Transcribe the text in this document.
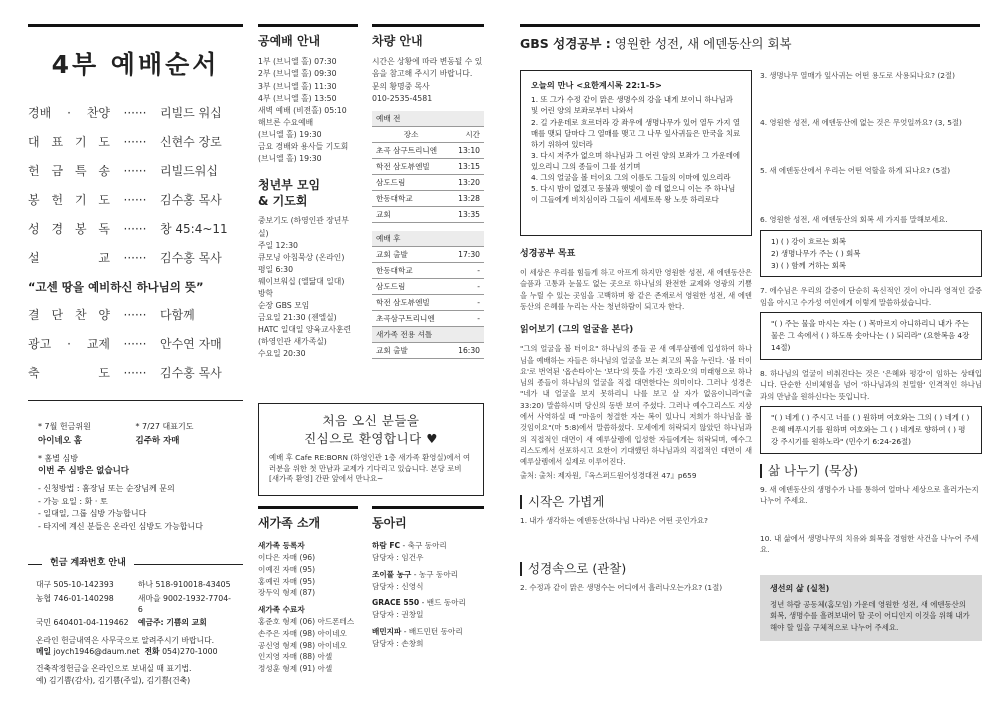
4부 예배순서
경배 · 찬양	······	리빌드 워십
대 표 기 도	······	신현수 장로
헌 금 특 송	······	리빌드워십
봉 헌 기 도	······	김수홍 목사
성 경 봉 독	······	창 45:4~11
설 교	······	김수홍 목사
“고센 땅을 예비하신 하나님의 뜻”
결 단 찬 양	······	다함께
광고 · 교제	······	안수연 자매
축 도	······	김수홍 목사
* 7월 헌금위원	* 7/27 대표기도
아이네오 홈	김주하 자매
* 홈별 심방
이번 주 심방은 없습니다
- 신청방법 : 홈장님 또는 순장님께 문의
- 가능 요일 : 화 · 토
- 일대일, 그룹 심방 가능합니다
- 타지에 계신 분들은 온라인 심방도 가능합니다
헌금 계좌번호 안내
대구 505-10-142393	하나 518-910018-43405
농협 746-01-140298	새마을 9002-1932-7704-6
국민 640401-04-119462	예금주: 기쁨의 교회
온라인 헌금내역은 사무국으로 알려주시기 바랍니다.
메일 joych1946@daum.net 전화 054)270-1000
건축작정헌금을 온라인으로 보내실 때 표기법.
예) 김기쁨(감사), 김기쁨(주일), 김기쁨(건축)
공예배 안내
1부 (브니엘 홀) 07:30
2부 (브니엘 홀) 09:30
3부 (브니엘 홀) 11:30
4부 (브니엘 홀) 13:50
새벽 예배 (비전홀) 05:10
해브론 수요예배
(브니엘 홀) 19:30
금요 경배와 용사들 기도회
(브니엘 홀) 19:30
청년부 모임
& 기도회
중보기도 (하영인관 장년부실)
주일 12:30
큐모닝 아침묵상 (온라인)
평일 6:30
웨이브워십 (엘닮대 일대)
방학
순장 GBS 모임
금요일 21:30 (젠엘실)
HATC 일대일 양육교사훈련
(하영인관 새가족실)
수요일 20:30
차량 안내
시간은 상황에 따라 변동될 수 있음을 참고해 주시기 바랍니다.
문의 황명중 목사
010-2535-4581
예배 전	
장소	시간
초곡 삼구트리니엔	13:10
학전 삼도뷰엔빌	13:15
삼도드림	13:20
한동대학교	13:28
교회	13:35
예배 후	
교회 출발	17:30
한동대학교	-
삼도드림	-
학전 삼도뷰엔빌	-
초곡삼구트리니엔	-
새가족 전용 셔틀	
교회 출발	16:30
처음 오신 분들을
진심으로 환영합니다 ♥
예배 후 Cafe RE:BORN (하영인관 1층 새가족 환영실)에서 여러분을 위한 첫 만남과 교제가 기다리고 있습니다. 본당 로비 [새가족 환영] 간판 앞에서 만나요~
새가족 소개
새가족 등록자
이다은 자매 (96)
이예진 자매 (95)
홍예린 자매 (95)
장두익 형제 (87)
새가족 수료자
홍준호 형제 (06) 아드폰테스
손주은 자매 (98) 아이네오
공신영 형제 (98) 아이네오
인지영 자매 (88) 아셀
정성훈 형제 (91) 아셀
동아리
하람 FC - 축구 동아리
담당자 : 임건우
조이풀 농구 - 농구 동아리
담당자 : 신영식
GRACE 550 - 밴드 동아리
담당자 : 권창일
배민지파 - 배드민턴 동아리
담당자 : 손창희
GBS 성경공부 : 영원한 성전, 새 에덴동산의 회복
오늘의 만나 <요한계시록 22:1-5>
1. 또 그가 수정 같이 맑은 생명수의 강을 내게 보이니 하나님과 및 어린 양의 보좌로부터 나와서
2. 길 가운데로 흐르더라 강 좌우에 생명나무가 있어 열두 가지 열매를 맺되 달마다 그 열매를 맺고 그 나무 잎사귀들은 만국을 치료하기 위하여 있더라
3. 다시 저주가 없으며 하나님과 그 어린 양의 보좌가 그 가운데에 있으리니 그의 종들이 그를 섬기며
4. 그의 얼굴을 볼 터이요 그의 이름도 그들의 이마에 있으리라
5. 다시 밤이 없겠고 등불과 햇빛이 쓸 데 없으니 이는 주 하나님이 그들에게 비치심이라 그들이 세세토록 왕 노릇 하리로다
성경공부 목표
이 세상은 우리를 힘들게 하고 아프게 하지만 영원한 성전, 새 에덴동산은 슬픔과 고통과 눈물도 없는 곳으로 하나님의 완전한 교제와 영광의 기쁨을 누릴 수 있는 곳임을 고백하며 왕 같은 존재로서 영원한 성전, 새 에덴동산의 은혜를 누리는 사는 청년하람이 되고자 한다.
읽어보기 (그의 얼굴을 본다)
"그의 얼굴을 볼 터이요" 하나님의 종들 곧 새 예루살렘에 입성하여 하나님을 예배하는 자들은 하나님의 얼굴을 보는 최고의 복을 누린다. '볼 터이요'로 번역된 '옵손타이'는 '보다'의 뜻을 가진 '호라오'의 미래형으로 하나님의 종들이 하나님의 얼굴을 직접 대면한다는 의미이다. 그러나 성경은 "네가 내 얼굴을 보지 못하리니 나를 보고 살 자가 없음이니라"(출 33:20) 말씀하시며 당신의 동반 보여 주셨다. 그러나 예수그리스도 지상에서 사역하실 때 "마음이 청결한 자는 복이 있나니 저희가 하나님을 볼 것임이요"(마 5:8)에서 말씀하셨다. 모세에게 허락되지 않았던 하나님과의 직접적인 대면이 새 예루살렘에 입성한 자들에게는 허락되며, 예수그리스도께서 선포하시고 요한이 기대했던 하나님과의 직접적인 대면이 새 예루살렘에서 실제로 이루어진다.
출처: 출처: 제자원,『옥스퍼드원어성경대전 47』p659
시작은 가볍게
1. 내가 생각하는 에덴동산(하나님 나라)은 어떤 곳인가요?
성경속으로 (관찰)
2. 수정과 같이 맑은 생명수는 어디에서 흘러나오는가요? (1절)
3. 생명나무 열매가 잎사귀는 어떤 용도로 사용되나요? (2절)
4. 영원한 성전, 새 에덴동산에 없는 것은 무엇일까요? (3, 5절)
5. 새 에덴동산에서 우리는 어떤 역할을 하게 되나요? (5절)
6. 영원한 성전, 새 에덴동산의 회복 세 가지를 말해보세요.
1) ( ) 강이 흐르는 회복
2) 생명나무가 주는 ( ) 회복
3) ( ) 함께 거하는 회복
7. 에수님은 우리의 갈증이 단순히 육신적인 것이 아니라 영적인 갈증임을 아시고 수가성 여인에게 이렇게 말씀하셨습니다.
"( ) 주는 물을 마시는 자는 ( ) 목마르지 아니하리니 내가 주는 물은 그 속에서 ( ) 하도록 솟아나는 ( ) 되리라" (요한복음 4장 14절)
8. 하나님의 얼굴이 비춰진다는 것은 '은혜와 평강'이 임하는 상태입니다. 단순한 신비체험을 넘어 '하나님과의 친밀함' 인격적인 하나님과의 만남을 원하신다는 뜻입니다.
"( ) 네게 ( ) 주시고 너를 ( ) 원하며 여호와는 그의 ( ) 네게 ( ) 은혜 베푸시기를 원하며 여호와는 그 ( ) 네게로 향하여 ( ) 평강 주시기를 원하노라" (민수기 6:24-26절)
삶 나누기 (묵상)
9. 새 에덴동산의 생명수가 나를 통하여 얼마나 세상으로 흘러가는지 나누어 주세요.
10. 내 삶에서 생명나무의 치유와 회복을 경험한 사건을 나누어 주세요.
생선의 삶 (실천)
정년 하람 공동체(홈모임) 가운데 영원한 성전, 새 에덴동산의 회복, 생명수를 흘려보내어 할 곳이 어디인지 이것을 위해 내가 해야 할 일을 구체적으로 나누어 주세요.
